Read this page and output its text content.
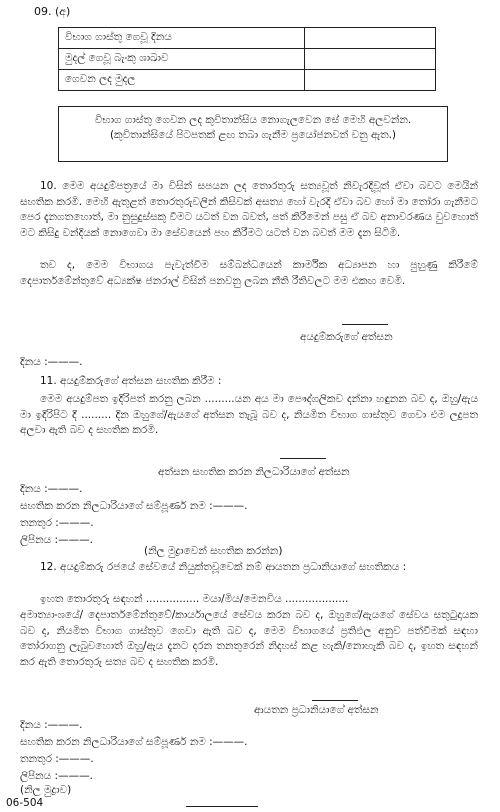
09. (අ)
විභාග ගාස්තු ගෙවූ දිනය	
මුදල් ගෙවූ බැංකු ශාඛාව	
ගෙවන ලද මුදල	
විභාග ගාස්තු ගෙවන ලද කුවිතාන්සිය නොගැලවෙන සේ මෙහි අලවන්න. (කුවිතාන්සියේ පිටපතක් ළඟ තබා ගැනීම ප්‍රයෝජනවත් වනු ඇත.)
10. මෙම අයදුම්පත්‍රයේ මා විසින් සපයන ලද තොරතුරු සත්‍යවූත් නිවැරදිවූත් ඒවා බවට මෙයින් සහතික කරමි. මෙහි ඇතුළත් තොරතුරුවලින් කිසිවක් අසත්‍ය හෝ වැරදි ඒවා බව හෝ මා තෝරා ගැනීමට පෙර දැනගතහොත්, මා නුසුදුස්සකු වීමට යටත් වන බවත්, පත් කිරීමෙන් පසු ඒ බව අනාවරණය වුවහොත් මට කිසිදු වන්දියක් නොගෙවා මා සේවයෙන් පහ කිරීමට යටත් වන බවත් මම දැන සිටිමි.
තව ද, මෙම විභාගය පැවැත්වීම සම්බන්ධයෙන් කාර්මික අධ්‍යාපන හා පුහුණු කිරීමේ දෙපාර්තමේන්තුවේ අධ්‍යක්ෂ ජනරාල් විසින් පනවනු ලබන නීති රීතිවලට මම එකඟ වෙමි.
අයදුම්කරුගේ අත්සන
දිනය :———.
11. අයදුම්කරුගේ අත්සන සහතික කිරීම :
මෙම අයදුම්පත ඉදිරිපත් කරනු ලබන .........යන අය මා පෞද්ගලිකව දන්නා හඳුනන බව ද, ඔහු/ඇය මා ඉදිරිපිට දී ......... දින ඔහුගේ/ඇයගේ අත්සන තැබූ බව ද, නියමිත විභාග ගාස්තුව ගෙවා එම ලදුපත අලවා ඇති බව ද සහතික කරමි.
අත්සන සහතික කරන නිලධාරියාගේ අත්සන
දිනය :———.
සහතික කරන නිලධාරියාගේ සම්පූර්ණ නම :———.
තනතුර :———.
ලිපිනය :———.
(නිල මුද්‍රාවෙන් සහතික කරන්න)
12. අයදුම්කරු රජයේ සේවයේ නියුක්තවූවෙක් නම් ආයතන ප්‍රධානියාගේ සහතිකය :
ඉහත තොරතුරු සඳහන් ................ මයා/මිය/මෙනවිය ...................
අමාත්‍යාංශයේ/ දෙපාර්තමේන්තුවේ/කාර්යාලයේ සේවය කරන බව ද, ඔහුගේ/ඇයගේ සේවය සතුටුදායක බව ද, නියමිත විභාග ගාස්තුව ගෙවා ඇති බව ද, මෙම විභාගයේ ප්‍රතිඵල අනුව පත්වීමක් සඳහා තෝරාගනු ලැබුවහොත් ඔහු/ඇය දැනට දරන තනතුරෙන් නිදහස් කළ හැකි/නොහැකි බව ද, ඉහත සඳහන් කර ඇති තොරතුරු සත්‍ය බව ද සහතික කරමි.
ආයතන ප්‍රධානියාගේ අත්සන
දිනය :———.
සහතික කරන නිලධාරියාගේ සම්පූර්ණ නම :———.
තනතුර :———.
ලිපිනය :———.
(නිල මුද්‍රාව)
06-504
